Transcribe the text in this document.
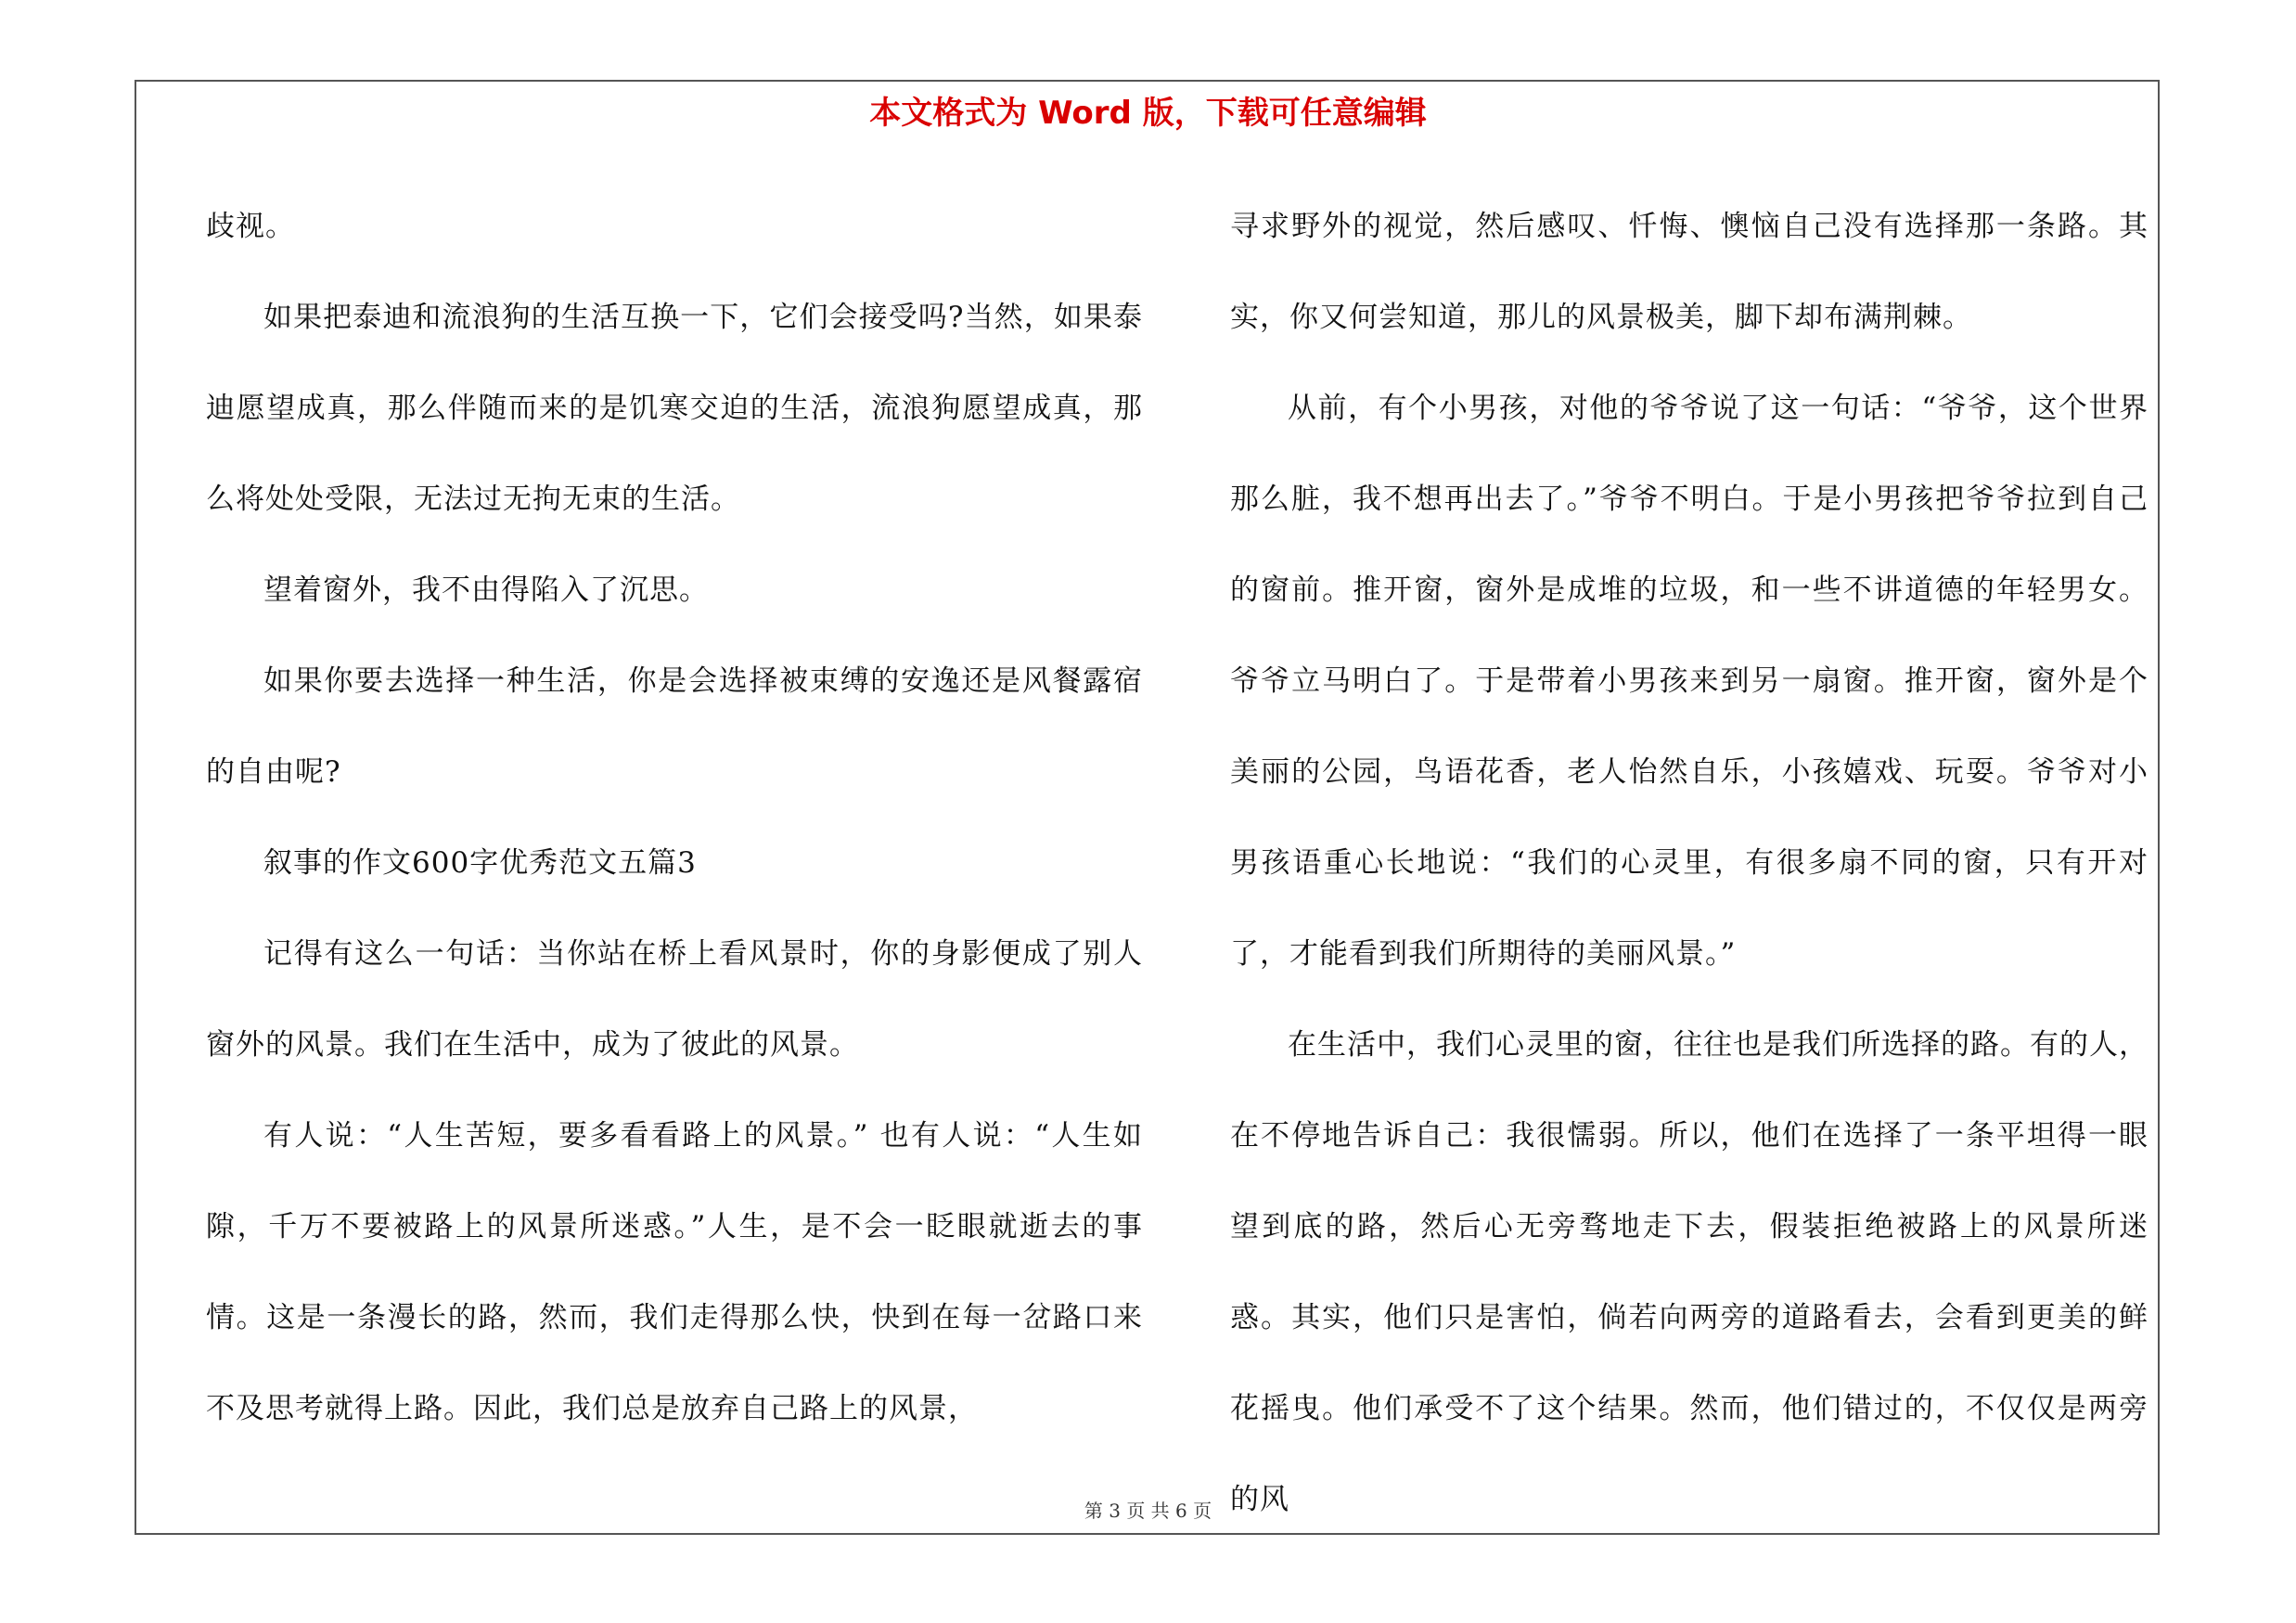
本文格式为 Word 版，下载可任意编辑

歧视。

如果把泰迪和流浪狗的生活互换一下，它们会接受吗?当然，如果泰迪愿望成真，那么伴随而来的是饥寒交迫的生活，流浪狗愿望成真，那么将处处受限，无法过无拘无束的生活。

望着窗外，我不由得陷入了沉思。

如果你要去选择一种生活，你是会选择被束缚的安逸还是风餐露宿的自由呢?

叙事的作文600字优秀范文五篇3

记得有这么一句话：当你站在桥上看风景时，你的身影便成了别人窗外的风景。我们在生活中，成为了彼此的风景。

有人说：“人生苦短，要多看看路上的风景。” 也有人说：“人生如隙，千万不要被路上的风景所迷惑。”人生，是不会一眨眼就逝去的事情。这是一条漫长的路，然而，我们走得那么快，快到在每一岔路口来不及思考就得上路。因此，我们总是放弃自己路上的风景，

寻求野外的视觉，然后感叹、忏悔、懊恼自己没有选择那一条路。其实，你又何尝知道，那儿的风景极美，脚下却布满荆棘。

从前，有个小男孩，对他的爷爷说了这一句话：“爷爷，这个世界那么脏，我不想再出去了。”爷爷不明白。于是小男孩把爷爷拉到自己的窗前。推开窗，窗外是成堆的垃圾，和一些不讲道德的年轻男女。爷爷立马明白了。于是带着小男孩来到另一扇窗。推开窗，窗外是个美丽的公园，鸟语花香，老人怡然自乐，小孩嬉戏、玩耍。爷爷对小男孩语重心长地说：“我们的心灵里，有很多扇不同的窗，只有开对了，才能看到我们所期待的美丽风景。”

在生活中，我们心灵里的窗，往往也是我们所选择的路。有的人，在不停地告诉自己：我很懦弱。所以，他们在选择了一条平坦得一眼望到底的路，然后心无旁骛地走下去，假装拒绝被路上的风景所迷惑。其实，他们只是害怕，倘若向两旁的道路看去，会看到更美的鲜花摇曳。他们承受不了这个结果。然而，他们错过的，不仅仅是两旁的风

第 3 页 共 6 页
